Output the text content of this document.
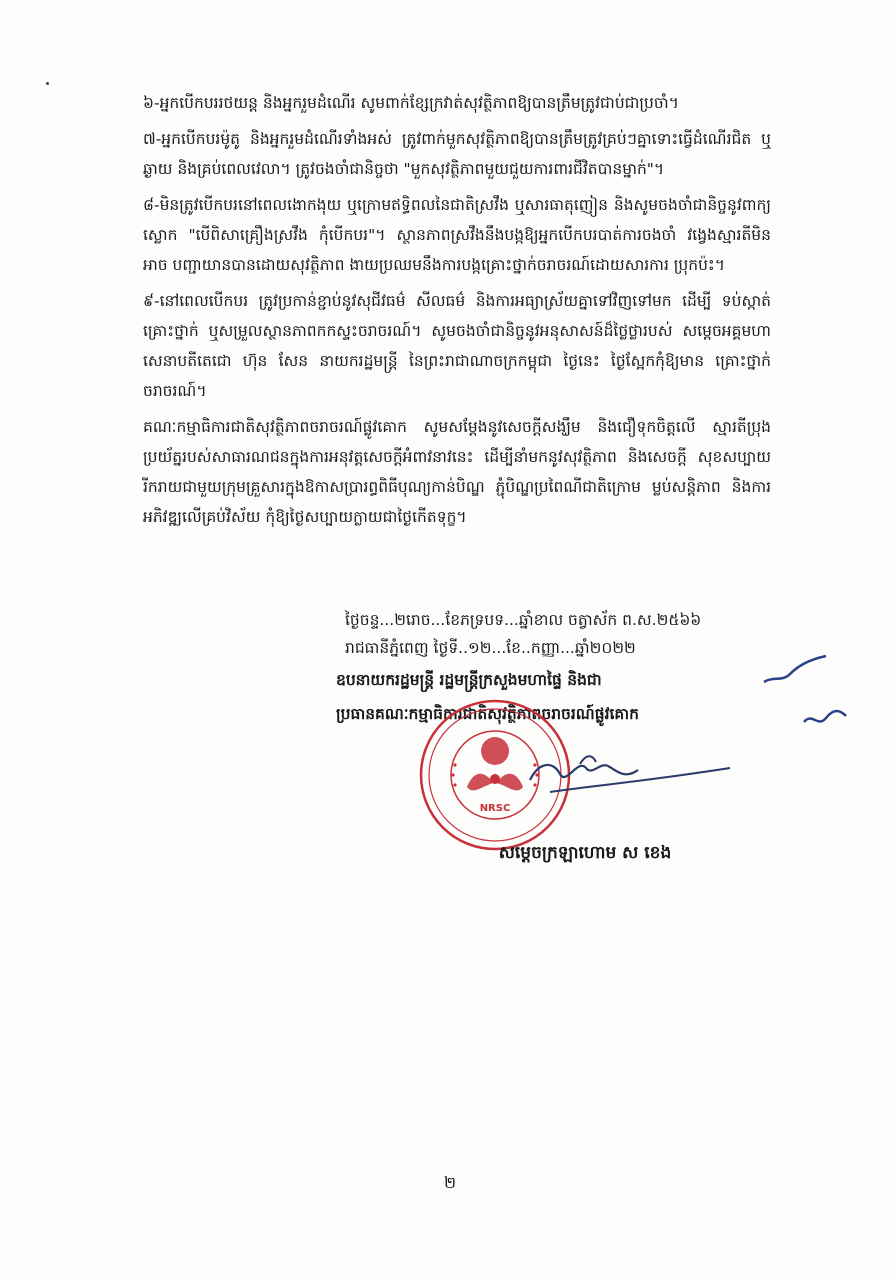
៦-អ្នកបើកបររថយន្ត និងអ្នករួមដំណើរ សូមពាក់ខ្សែក្រវាត់សុវត្ថិភាពឱ្យបានត្រឹមត្រូវជាប់ជាប្រចាំ។

៧-អ្នកបើកបរម៉ូតូ និងអ្នករួមដំណើរទាំងអស់ ត្រូវពាក់មួកសុវត្ថិភាពឱ្យបានត្រឹមត្រូវគ្រប់ៗគ្នាទោះធ្វើដំណើរជិត ឬឆ្ងាយ និងគ្រប់ពេលវេលា។ ត្រូវចងចាំជានិច្ចថា "មួកសុវត្ថិភាពមួយជួយការពារជីវិតបានម្នាក់"។

៨-មិនត្រូវបើកបរនៅពេលងោកងុយ ឬក្រោមឥទ្ធិពលនៃជាតិស្រវឹង ឬសារធាតុញៀន និងសូមចងចាំជានិច្ចនូវពាក្យស្លោក "បើពិសាគ្រឿងស្រវឹង កុំបើកបរ"។ ស្ថានភាពស្រវឹងនឹងបង្កឱ្យអ្នកបើកបរបាត់ការចងចាំ វង្វេងស្មារតីមិនអាច បញ្ជាយានបានដោយសុវត្ថិភាព ងាយប្រឈមនឹងការបង្កគ្រោះថ្នាក់ចរាចរណ៍ដោយសារការ ប្រុកប៉ះ។

៩-នៅពេលបើកបរ ត្រូវប្រកាន់ខ្ជាប់នូវសុជីវធម៌ សីលធម៌ និងការអធ្យាស្រ័យគ្នាទៅវិញទៅមក ដើម្បី ទប់ស្កាត់គ្រោះថ្នាក់ ឬសម្រួលស្ថានភាពកកស្ទះចរាចរណ៍។ សូមចងចាំជានិច្ចនូវអនុសាសន៍ដ៏ថ្លៃថ្លារបស់ សម្តេចអគ្គមហាសេនាបតីតេជោ ហ៊ុន សែន នាយករដ្ឋមន្ត្រី នៃព្រះរាជាណាចក្រកម្ពុជា ថ្ងៃនេះ ថ្ងៃស្អែកកុំឱ្យមាន គ្រោះថ្នាក់ចរាចរណ៍។

គណៈកម្មាធិការជាតិសុវត្ថិភាពចរាចរណ៍ផ្លូវគោក សូមសម្តែងនូវសេចក្តីសង្ឃឹម និងជឿទុកចិត្តលើ ស្មារតីប្រុងប្រយ័ត្នរបស់សាធារណជនក្នុងការអនុវត្តសេចក្តីអំពាវនាវនេះ ដើម្បីនាំមកនូវសុវត្ថិភាព និងសេចក្តី សុខសប្បាយ រីករាយជាមួយក្រុមគ្រួសារក្នុងឱកាសប្រារព្ធពិធីបុណ្យកាន់បិណ្ឌ ភ្ជុំបិណ្ឌប្រពៃណីជាតិក្រោម ម្លប់សន្តិភាព និងការអភិវឌ្ឍលើគ្រប់វិស័យ កុំឱ្យថ្ងៃសប្បាយក្លាយជាថ្ងៃកើតទុក្ខ។

ថ្ងៃចន្ទ...២រោច...ខែភទ្របទ...ឆ្នាំខាល ចត្វាស័ក ព.ស.២៥៦៦
រាជធានីភ្នំពេញ ថ្ងៃទី..១២...ខែ..កញ្ញា...ឆ្នាំ២០២២
ឧបនាយករដ្ឋមន្ត្រី រដ្ឋមន្ត្រីក្រសួងមហាផ្ទៃ និងជា
ប្រធានគណៈកម្មាធិការជាតិសុវត្ថិភាពចរាចរណ៍ផ្លូវគោក
NRSC
សម្តេចក្រឡាហោម ស ខេង
២
